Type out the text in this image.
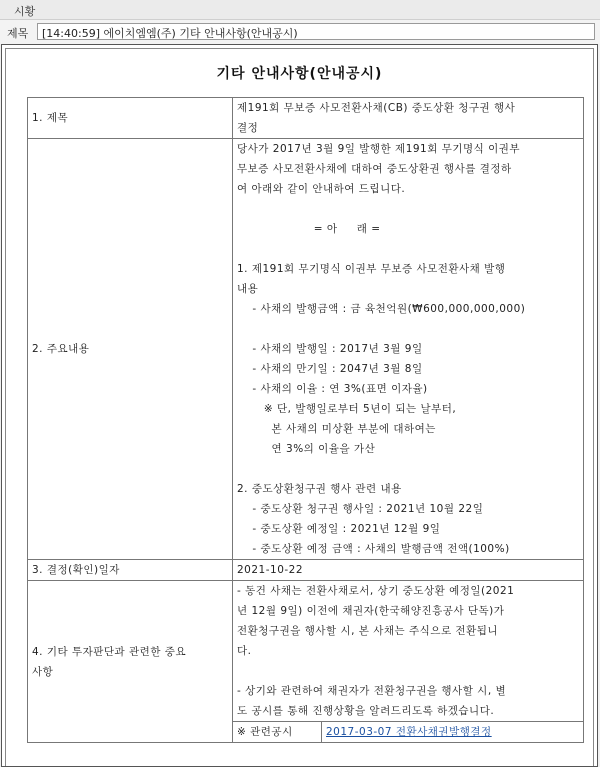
시황
제목	[14:40:59] 에이치엠엠(주) 기타 안내사항(안내공시)
기타 안내사항(안내공시)
1. 제목	제191회 무보증 사모전환사채(CB) 중도상환 청구권 행사
결정
2. 주요내용	당사가 2017년 3월 9일 발행한 제191회 무기명식 이권부
무보증 사모전환사채에 대하여 중도상환권 행사를 결정하
여 아래와 같이 안내하여 드립니다.

= 아     래 =

1. 제191회 무기명식 이권부 무보증 사모전환사채 발행
내용
- 사채의 발행금액 : 금 육천억원(₩600,000,000,000)

- 사채의 발행일 : 2017년 3월 9일
- 사채의 만기일 : 2047년 3월 8일
- 사채의 이율 : 연 3%(표면 이자율)
※ 단, 발행일로부터 5년이 되는 날부터,
본 사채의 미상환 부분에 대하여는
연 3%의 이율을 가산

2. 중도상환청구권 행사 관련 내용
- 중도상환 청구권 행사일 : 2021년 10월 22일
- 중도상환 예정일 : 2021년 12월 9일
- 중도상환 예정 금액 : 사채의 발행금액 전액(100%)
3. 결정(확인)일자	2021-10-22
4. 기타 투자판단과 관련한 중요
사항	
- 동건 사채는 전환사채로서, 상기 중도상환 예정일(2021
년 12월 9일) 이전에 채권자(한국해양진흥공사 단독)가
전환청구권을 행사할 시, 본 사채는 주식으로 전환됩니
다.

- 상기와 관련하여 채권자가 전환청구권을 행사할 시, 별
도 공시를 통해 진행상황을 알려드리도록 하겠습니다.
※ 관련공시	2017-03-07 전환사채권발행결정
